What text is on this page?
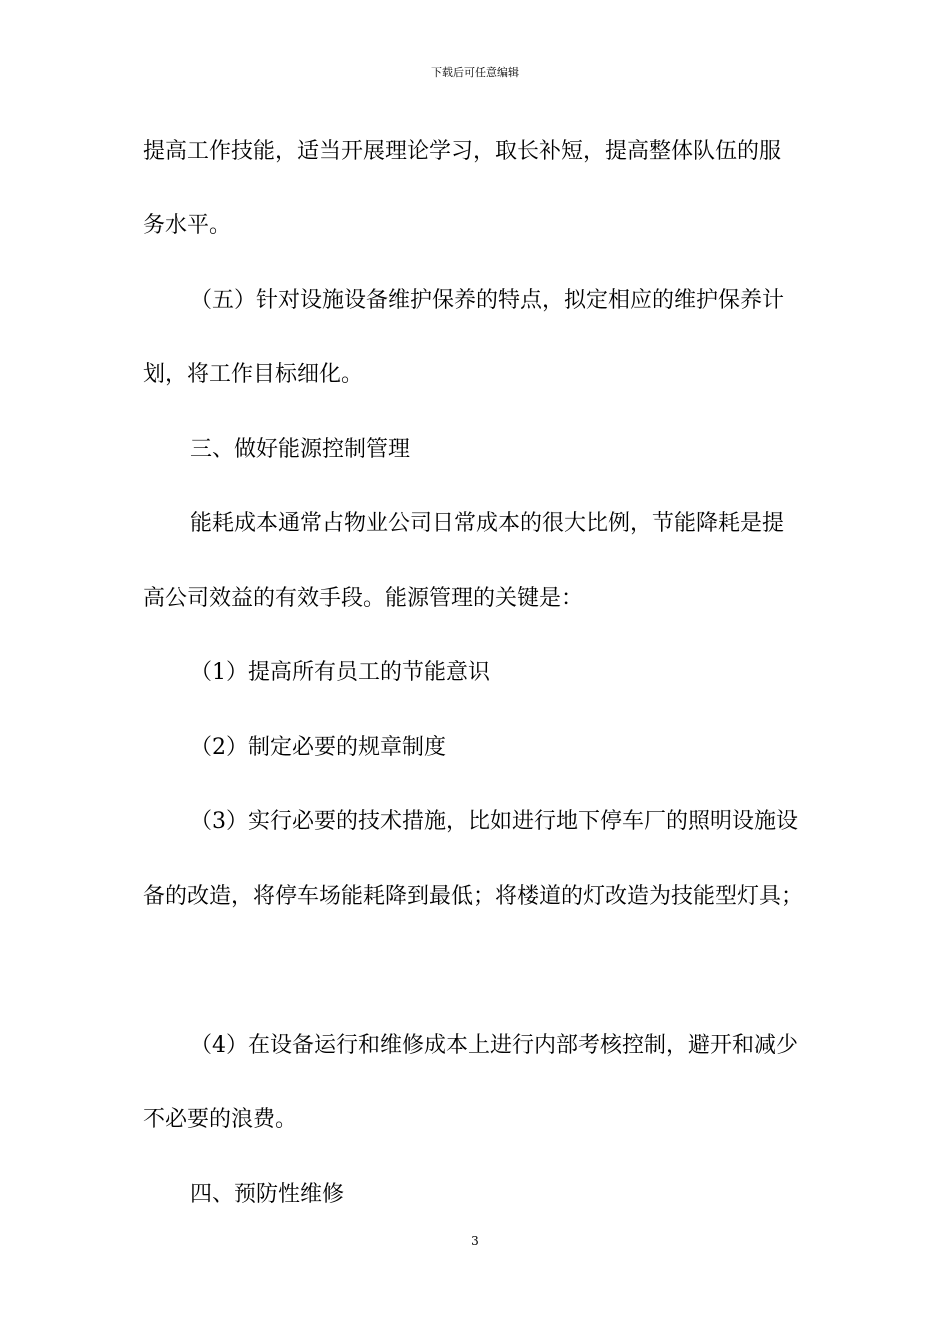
下载后可任意编辑
提高工作技能，适当开展理论学习，取长补短，提高整体队伍的服
务水平。
（五）针对设施设备维护保养的特点，拟定相应的维护保养计
划，将工作目标细化。
三、做好能源控制管理
能耗成本通常占物业公司日常成本的很大比例，节能降耗是提
高公司效益的有效手段。能源管理的关键是：
（1）提高所有员工的节能意识
（2）制定必要的规章制度
（3）实行必要的技术措施，比如进行地下停车厂的照明设施设
备的改造，将停车场能耗降到最低；将楼道的灯改造为技能型灯具；
（4）在设备运行和维修成本上进行内部考核控制，避开和减少
不必要的浪费。
四、预防性维修
3
